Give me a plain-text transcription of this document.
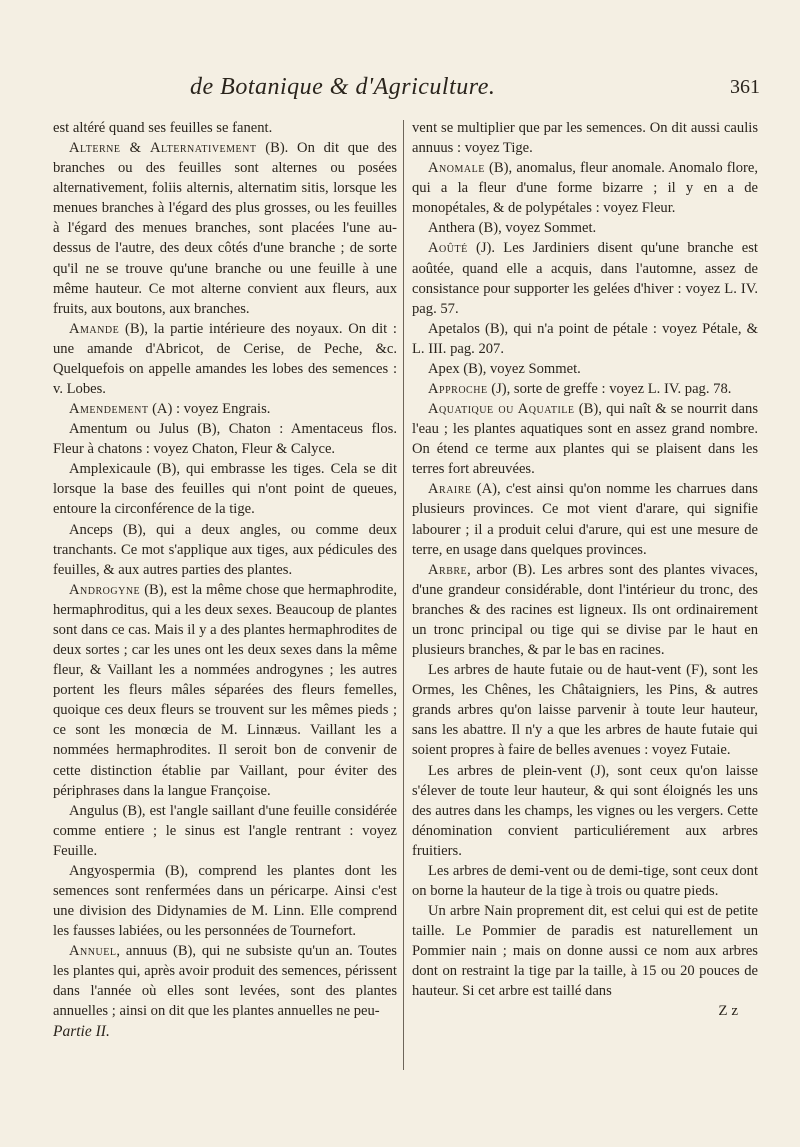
de Botanique & d'Agriculture.	361

est altéré quand ses feuilles se fanent.

Alterne & Alternativement (B). On dit que des branches ou des feuilles sont alternes ou posées alternativement, foliis alternis, alternatim sitis, lorsque les menues branches à l'égard des plus grosses, ou les feuilles à l'égard des menues branches, sont placées l'une au-dessus de l'autre, des deux côtés d'une branche ; de sorte qu'il ne se trouve qu'une branche ou une feuille à une même hauteur. Ce mot alterne convient aux fleurs, aux fruits, aux boutons, aux branches.

Amande (B), la partie intérieure des noyaux. On dit : une amande d'Abricot, de Cerise, de Peche, &c. Quelquefois on appelle amandes les lobes des semences : v. Lobes.

Amendement (A) : voyez Engrais.

Amentum ou Julus (B), Chaton : Amentaceus flos. Fleur à chatons : voyez Chaton, Fleur & Calyce.

Amplexicaule (B), qui embrasse les tiges. Cela se dit lorsque la base des feuilles qui n'ont point de queues, entoure la circonférence de la tige.

Anceps (B), qui a deux angles, ou comme deux tranchants. Ce mot s'applique aux tiges, aux pédicules des feuilles, & aux autres parties des plantes.

Androgyne (B), est la même chose que hermaphrodite, hermaphroditus, qui a les deux sexes. Beaucoup de plantes sont dans ce cas. Mais il y a des plantes hermaphrodites de deux sortes ; car les unes ont les deux sexes dans la même fleur, & Vaillant les a nommées androgynes ; les autres portent les fleurs mâles séparées des fleurs femelles, quoique ces deux fleurs se trouvent sur les mêmes pieds ; ce sont les monœcia de M. Linnæus. Vaillant les a nommées hermaphrodites. Il seroit bon de convenir de cette distinction établie par Vaillant, pour éviter des périphrases dans la langue Françoise.

Angulus (B), est l'angle saillant d'une feuille considérée comme entiere ; le sinus est l'angle rentrant : voyez Feuille.

Angyospermia (B), comprend les plantes dont les semences sont renfermées dans un péricarpe. Ainsi c'est une division des Didynamies de M. Linn. Elle comprend les fausses labiées, ou les personnées de Tournefort.

Annuel, annuus (B), qui ne subsiste qu'un an. Toutes les plantes qui, après avoir produit des semences, périssent dans l'année où elles sont levées, sont des plantes annuelles ; ainsi on dit que les plantes annuelles ne peu-

Partie II.

vent se multiplier que par les semences. On dit aussi caulis annuus : voyez Tige.

Anomale (B), anomalus, fleur anomale. Anomalo flore, qui a la fleur d'une forme bizarre ; il y en a de monopétales, & de polypétales : voyez Fleur.

Anthera (B), voyez Sommet.

Aoûté (J). Les Jardiniers disent qu'une branche est aoûtée, quand elle a acquis, dans l'automne, assez de consistance pour supporter les gelées d'hiver : voyez L. IV. pag. 57.

Apetalos (B), qui n'a point de pétale : voyez Pétale, & L. III. pag. 207.

Apex (B), voyez Sommet.

Approche (J), sorte de greffe : voyez L. IV. pag. 78.

Aquatique ou Aquatile (B), qui naît & se nourrit dans l'eau ; les plantes aquatiques sont en assez grand nombre. On étend ce terme aux plantes qui se plaisent dans les terres fort abreuvées.

Araire (A), c'est ainsi qu'on nomme les charrues dans plusieurs provinces. Ce mot vient d'arare, qui signifie labourer ; il a produit celui d'arure, qui est une mesure de terre, en usage dans quelques provinces.

Arbre, arbor (B). Les arbres sont des plantes vivaces, d'une grandeur considérable, dont l'intérieur du tronc, des branches & des racines est ligneux. Ils ont ordinairement un tronc principal ou tige qui se divise par le haut en plusieurs branches, & par le bas en racines.

Les arbres de haute futaie ou de haut-vent (F), sont les Ormes, les Chênes, les Châtaigniers, les Pins, & autres grands arbres qu'on laisse parvenir à toute leur hauteur, sans les abattre. Il n'y a que les arbres de haute futaie qui soient propres à faire de belles avenues : voyez Futaie.

Les arbres de plein-vent (J), sont ceux qu'on laisse s'élever de toute leur hauteur, & qui sont éloignés les uns des autres dans les champs, les vignes ou les vergers. Cette dénomination convient particuliérement aux arbres fruitiers.

Les arbres de demi-vent ou de demi-tige, sont ceux dont on borne la hauteur de la tige à trois ou quatre pieds.

Un arbre Nain proprement dit, est celui qui est de petite taille. Le Pommier de paradis est naturellement un Pommier nain ; mais on donne aussi ce nom aux arbres dont on restraint la tige par la taille, à 15 ou 20 pouces de hauteur. Si cet arbre est taillé dans

Z z
